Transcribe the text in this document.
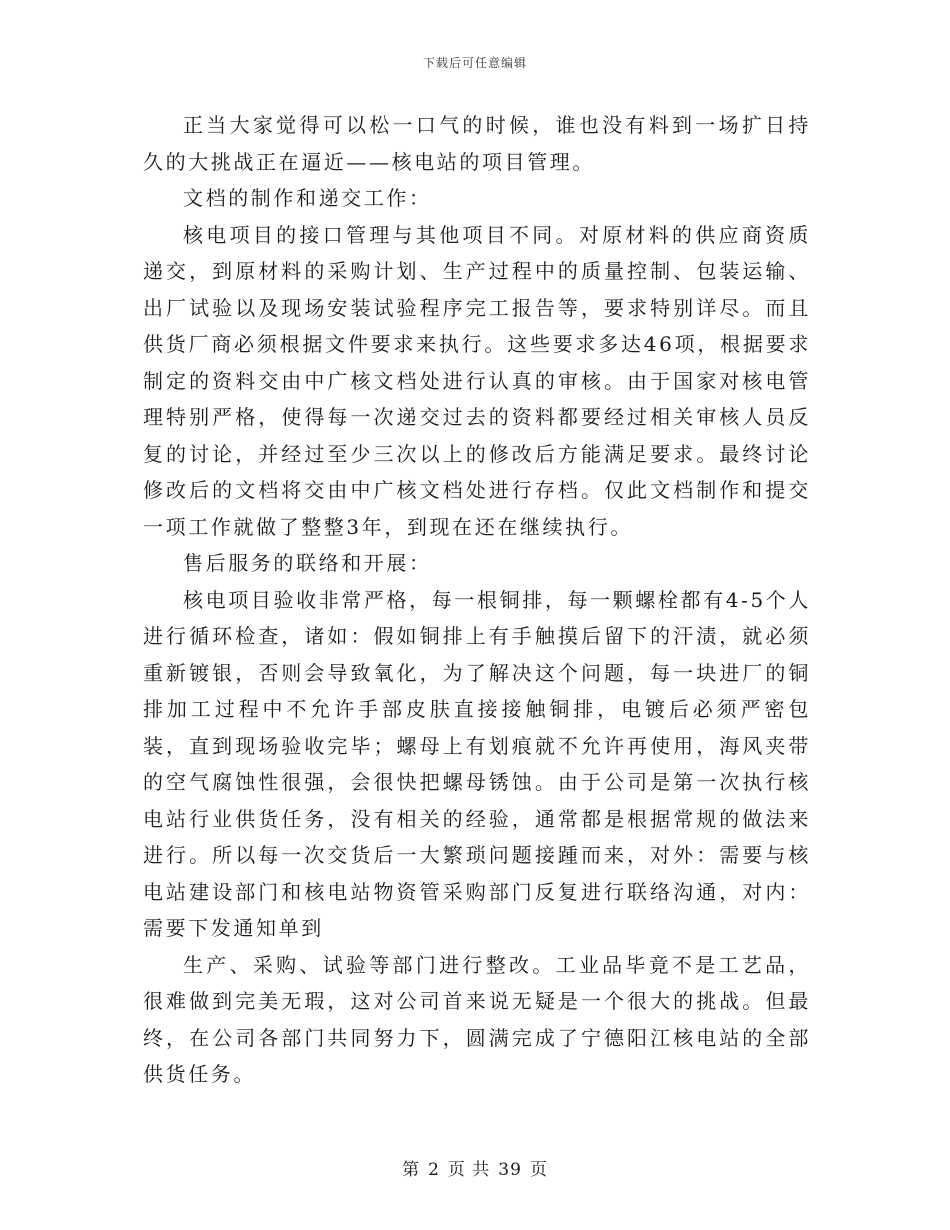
下载后可任意编辑

正当大家觉得可以松一口气的时候，谁也没有料到一场扩日持久的大挑战正在逼近——核电站的项目管理。

文档的制作和递交工作：

核电项目的接口管理与其他项目不同。对原材料的供应商资质递交，到原材料的采购计划、生产过程中的质量控制、包装运输、出厂试验以及现场安装试验程序完工报告等，要求特别详尽。而且供货厂商必须根据文件要求来执行。这些要求多达46项，根据要求制定的资料交由中广核文档处进行认真的审核。由于国家对核电管理特别严格，使得每一次递交过去的资料都要经过相关审核人员反复的讨论，并经过至少三次以上的修改后方能满足要求。最终讨论修改后的文档将交由中广核文档处进行存档。仅此文档制作和提交一项工作就做了整整3年，到现在还在继续执行。

售后服务的联络和开展：

核电项目验收非常严格，每一根铜排，每一颗螺栓都有4-5个人进行循环检查，诸如：假如铜排上有手触摸后留下的汗渍，就必须重新镀银，否则会导致氧化，为了解决这个问题，每一块进厂的铜排加工过程中不允许手部皮肤直接接触铜排，电镀后必须严密包装，直到现场验收完毕；螺母上有划痕就不允许再使用，海风夹带的空气腐蚀性很强，会很快把螺母锈蚀。由于公司是第一次执行核电站行业供货任务，没有相关的经验，通常都是根据常规的做法来进行。所以每一次交货后一大繁琐问题接踵而来，对外：需要与核电站建设部门和核电站物资管采购部门反复进行联络沟通，对内：需要下发通知单到

生产、采购、试验等部门进行整改。工业品毕竟不是工艺品，很难做到完美无瑕，这对公司首来说无疑是一个很大的挑战。但最终，在公司各部门共同努力下，圆满完成了宁德阳江核电站的全部供货任务。

第 2 页 共 39 页
